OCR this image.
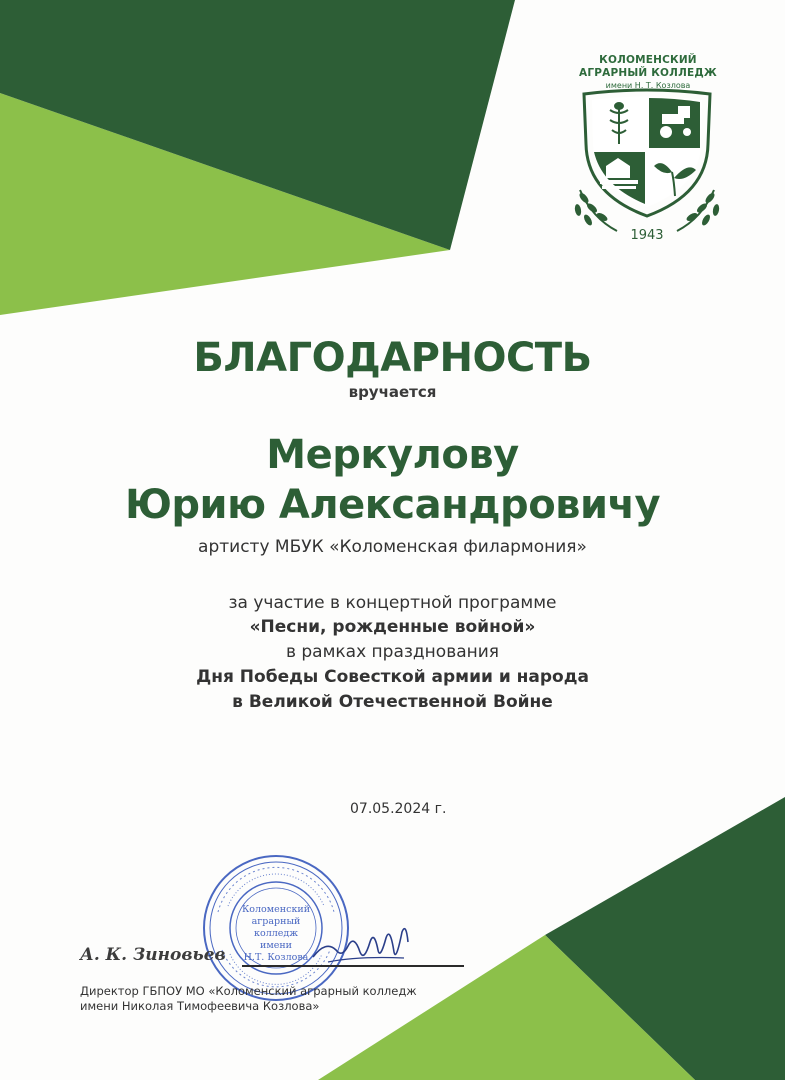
КОЛОМЕНСКИЙ
АГРАРНЫЙ КОЛЛЕДЖ
имени Н. Т. Козлова
1943
БЛАГОДАРНОСТЬ
вручается
Меркулову
Юрию Александровичу
артисту МБУК «Коломенская филармония»
за участие в концертной программе
«Песни, рожденные войной»
в рамках празднования
Дня Победы Совесткой армии и народа
в Великой Отечественной Войне
07.05.2024 г.
Коломенский
аграрный
колледж
имени
Н.Т. Козлова
А. К. Зиновьев
Директор ГБПОУ МО «Коломенский аграрный колледж
имени Николая Тимофеевича Козлова»
